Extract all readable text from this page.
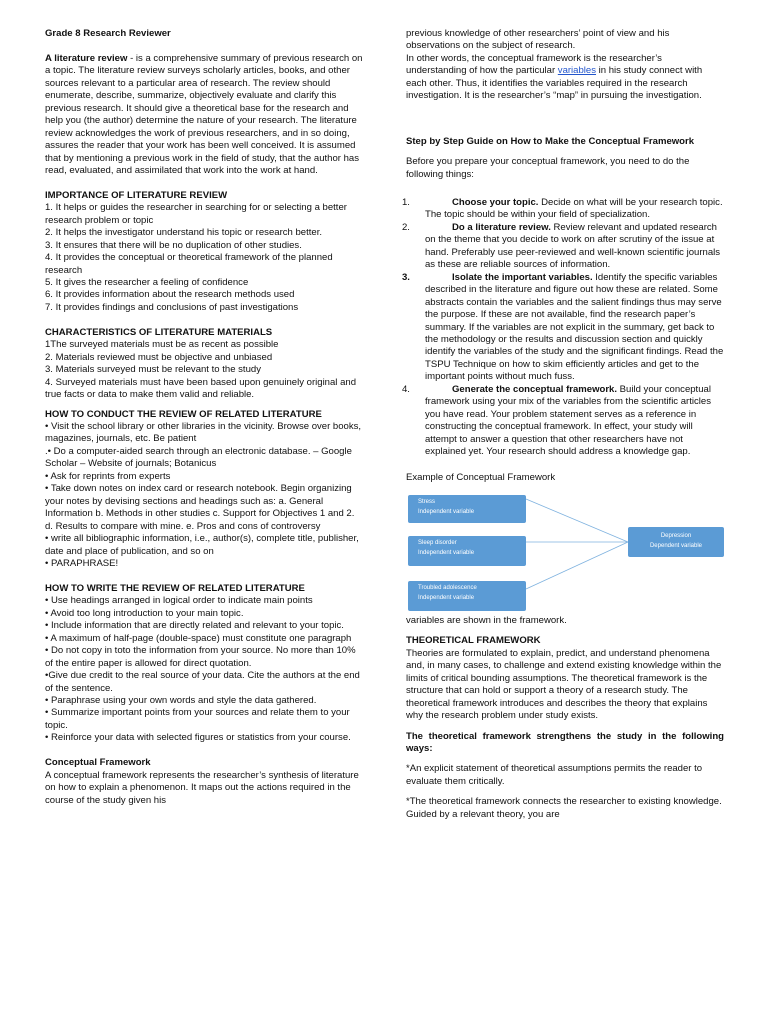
Grade 8 Research Reviewer

A literature review - is a comprehensive summary of previous research on a topic. The literature review surveys scholarly articles, books, and other sources relevant to a particular area of research. The review should enumerate, describe, summarize, objectively evaluate and clarify this previous research. It should give a theoretical base for the research and help you (the author) determine the nature of your research. The literature review acknowledges the work of previous researchers, and in so doing, assures the reader that your work has been well conceived. It is assumed that by mentioning a previous work in the field of study, that the author has read, evaluated, and assimilated that work into the work at hand.

IMPORTANCE OF LITERATURE REVIEW

1. It helps or guides the researcher in searching for or selecting a better research problem or topic

2. It helps the investigator understand his topic or research better.

3. It ensures that there will be no duplication of other studies.

4. It provides the conceptual or theoretical framework of the planned research

5. It gives the researcher a feeling of confidence

6. It provides information about the research methods used

7. It provides findings and conclusions of past investigations

CHARACTERISTICS OF LITERATURE MATERIALS

1The surveyed materials must be as recent as possible

2. Materials reviewed must be objective and unbiased

3. Materials surveyed must be relevant to the study

4. Surveyed materials must have been based upon genuinely original and true facts or data to make them valid and reliable.

HOW TO CONDUCT THE REVIEW OF RELATED LITERATURE

• Visit the school library or other libraries in the vicinity. Browse over books, magazines, journals, etc. Be patient

.• Do a computer-aided search through an electronic database. – Google Scholar – Website of journals; Botanicus

• Ask for reprints from experts

• Take down notes on index card or research notebook. Begin organizing your notes by devising sections and headings such as: a. General Information b. Methods in other studies c. Support for Objectives 1 and 2. d. Results to compare with mine. e. Pros and cons of controversy

• write all bibliographic information, i.e., author(s), complete title, publisher, date and place of publication, and so on

• PARAPHRASE!

HOW TO WRITE THE REVIEW OF RELATED LITERATURE

• Use headings arranged in logical order to indicate main points

• Avoid too long introduction to your main topic.

• Include information that are directly related and relevant to your topic.

• A maximum of half-page (double-space) must constitute one paragraph

• Do not copy in toto the information from your source. No more than 10% of the entire paper is allowed for direct quotation.

•Give due credit to the real source of your data. Cite the authors at the end of the sentence.

• Paraphrase using your own words and style the data gathered.

• Summarize important points from your sources and relate them to your topic.

• Reinforce your data with selected figures or statistics from your course.

Conceptual Framework

A conceptual framework represents the researcher’s synthesis of literature on how to explain a phenomenon. It maps out the actions required in the course of the study given his

previous knowledge of other researchers’ point of view and his observations on the subject of research.

In other words, the conceptual framework is the researcher’s understanding of how the particular variables in his study connect with each other. Thus, it identifies the variables required in the research investigation. It is the researcher’s “map” in pursuing the investigation.

Step by Step Guide on How to Make the Conceptual Framework

Before you prepare your conceptual framework, you need to do the following things:

1.	Choose your topic. Decide on what will be your research topic. The topic should be within your field of specialization.
2.	Do a literature review. Review relevant and updated research on the theme that you decide to work on after scrutiny of the issue at hand. Preferably use peer-reviewed and well-known scientific journals as these are reliable sources of information.
3.	Isolate the important variables. Identify the specific variables described in the literature and figure out how these are related. Some abstracts contain the variables and the salient findings thus may serve the purpose. If these are not available, find the research paper’s summary. If the variables are not explicit in the summary, get back to the methodology or the results and discussion section and quickly identify the variables of the study and the significant findings. Read the TSPU Technique on how to skim efficiently articles and get to the important points without much fuss.
4.	Generate the conceptual framework. Build your conceptual framework using your mix of the variables from the scientific articles you have read. Your problem statement serves as a reference in constructing the conceptual framework. In effect, your study will attempt to answer a question that other researchers have not explained yet. Your research should address a knowledge gap.

Example of Conceptual Framework

Stress
Independent variable
Sleep disorder
Independent variable
Troubled adolescence
Independent variable
Depression
Dependent variable

variables are shown in the framework.

THEORETICAL FRAMEWORK

Theories are formulated to explain, predict, and understand phenomena and, in many cases, to challenge and extend existing knowledge within the limits of critical bounding assumptions. The theoretical framework is the structure that can hold or support a theory of a research study. The theoretical framework introduces and describes the theory that explains why the research problem under study exists.

The theoretical framework strengthens the study in the following ways:

*An explicit statement of theoretical assumptions permits the reader to evaluate them critically.

*The theoretical framework connects the researcher to existing knowledge. Guided by a relevant theory, you are
